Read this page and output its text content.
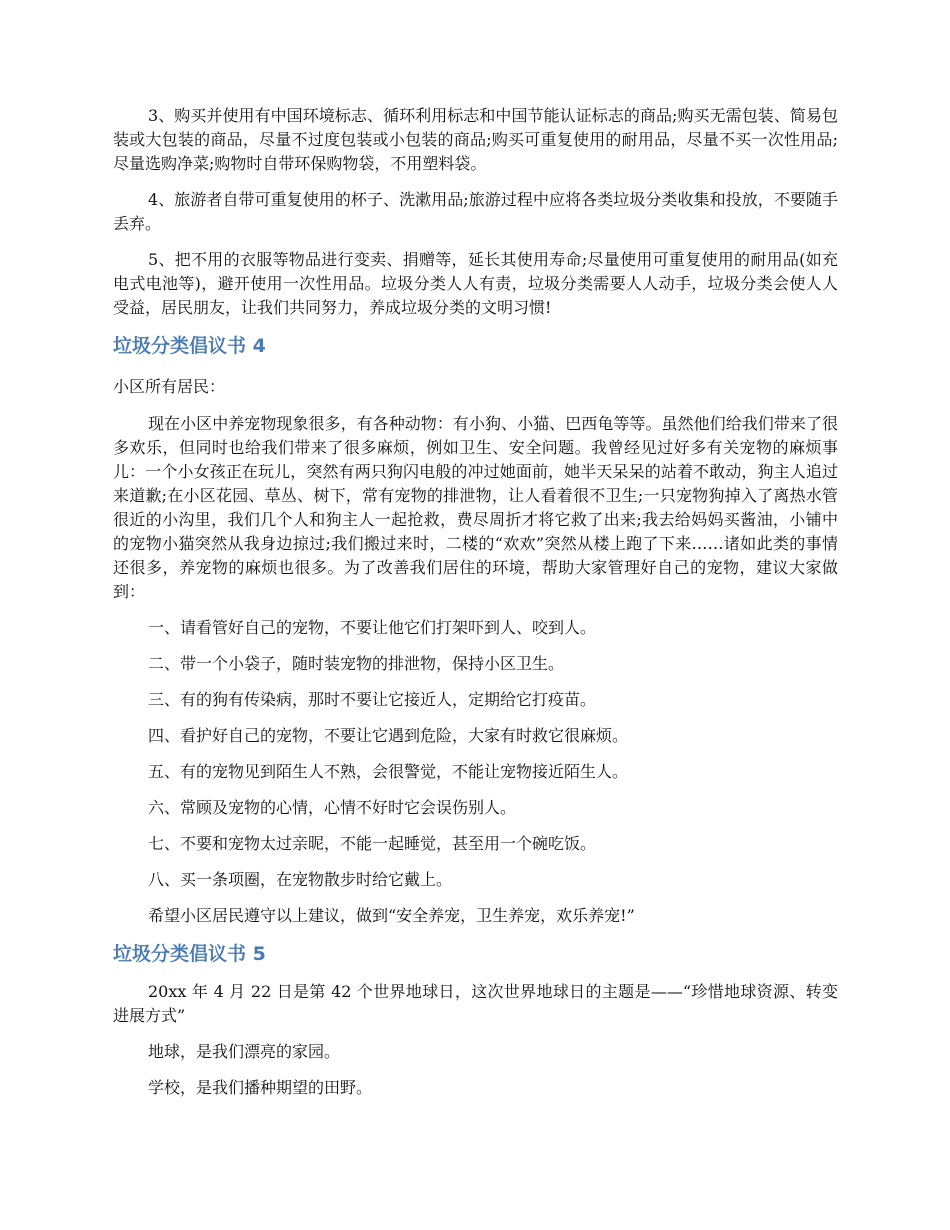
3、购买并使用有中国环境标志、循环利用标志和中国节能认证标志的商品;购买无需包装、简易包装或大包装的商品，尽量不过度包装或小包装的商品;购买可重复使用的耐用品，尽量不买一次性用品;尽量选购净菜;购物时自带环保购物袋，不用塑料袋。

4、旅游者自带可重复使用的杯子、洗漱用品;旅游过程中应将各类垃圾分类收集和投放，不要随手丢弃。

5、把不用的衣服等物品进行变卖、捐赠等，延长其使用寿命;尽量使用可重复使用的耐用品(如充电式电池等)，避开使用一次性用品。垃圾分类人人有责，垃圾分类需要人人动手，垃圾分类会使人人受益，居民朋友，让我们共同努力，养成垃圾分类的文明习惯!

垃圾分类倡议书 4

小区所有居民：

现在小区中养宠物现象很多，有各种动物：有小狗、小猫、巴西龟等等。虽然他们给我们带来了很多欢乐，但同时也给我们带来了很多麻烦，例如卫生、安全问题。我曾经见过好多有关宠物的麻烦事儿：一个小女孩正在玩儿，突然有两只狗闪电般的冲过她面前，她半天呆呆的站着不敢动，狗主人追过来道歉;在小区花园、草丛、树下，常有宠物的排泄物，让人看着很不卫生;一只宠物狗掉入了离热水管很近的小沟里，我们几个人和狗主人一起抢救，费尽周折才将它救了出来;我去给妈妈买酱油，小铺中的宠物小猫突然从我身边掠过;我们搬过来时，二楼的“欢欢”突然从楼上跑了下来……诸如此类的事情还很多，养宠物的麻烦也很多。为了改善我们居住的环境，帮助大家管理好自己的宠物，建议大家做到：

一、请看管好自己的宠物，不要让他它们打架吓到人、咬到人。

二、带一个小袋子，随时装宠物的排泄物，保持小区卫生。

三、有的狗有传染病，那时不要让它接近人，定期给它打疫苗。

四、看护好自己的宠物，不要让它遇到危险，大家有时救它很麻烦。

五、有的宠物见到陌生人不熟，会很警觉，不能让宠物接近陌生人。

六、常顾及宠物的心情，心情不好时它会误伤别人。

七、不要和宠物太过亲昵，不能一起睡觉，甚至用一个碗吃饭。

八、买一条项圈，在宠物散步时给它戴上。

希望小区居民遵守以上建议，做到“安全养宠，卫生养宠，欢乐养宠!”

垃圾分类倡议书 5

20xx 年 4 月 22 日是第 42 个世界地球日，这次世界地球日的主题是——“珍惜地球资源、转变进展方式”

地球，是我们漂亮的家园。

学校，是我们播种期望的田野。
